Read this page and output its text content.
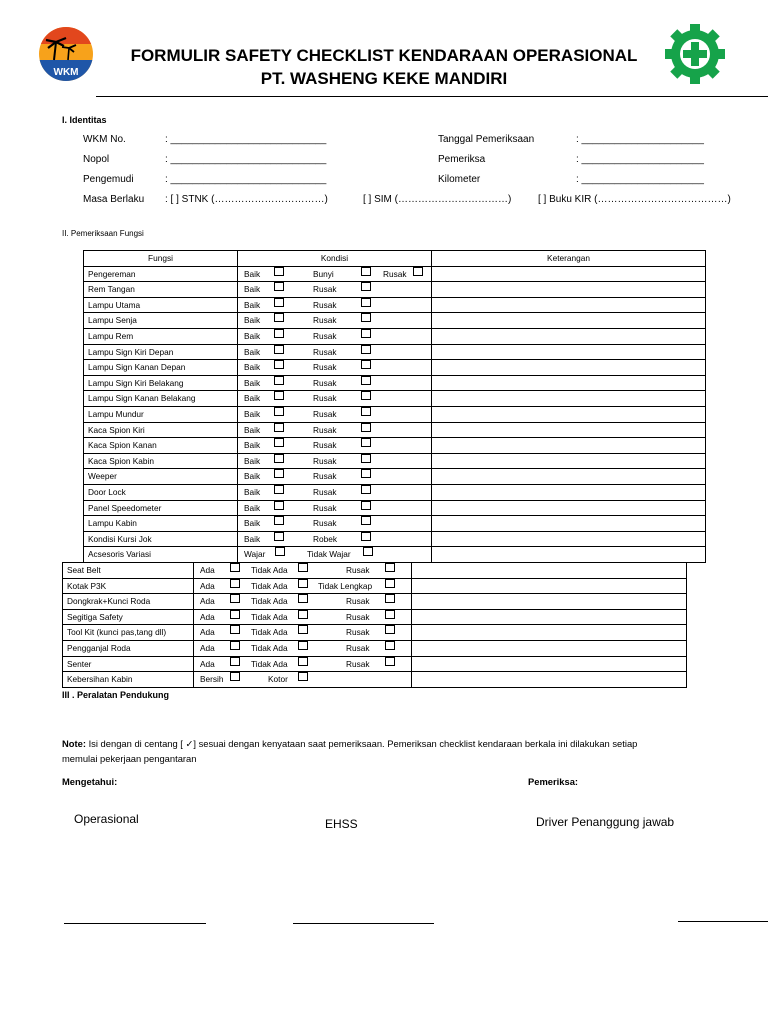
WKM
FORMULIR SAFETY CHECKLIST KENDARAAN OPERASIONAL
PT. WASHENG KEKE MANDIRI
I. Identitas
WKM No.	: ____________________________
Nopol	: ____________________________
Pengemudi	: ____________________________
Tanggal Pemeriksaan	: ______________________
Pemeriksa	: ______________________
Kilometer	: ______________________
Masa Berlaku : [ ] STNK (……………………………)	[ ] SIM (……………………………)	[ ] Buku KIR (…………………………………)
II. Pemeriksaan Fungsi
Fungsi	Kondisi	Keterangan
Pengereman	Baik Bunyi Rusak	

Rem Tangan	Baik Rusak	

Lampu Utama	Baik Rusak	

Lampu Senja	Baik Rusak	

Lampu Rem	Baik Rusak	

Lampu Sign Kiri Depan	Baik Rusak	

Lampu Sign Kanan Depan	Baik Rusak	

Lampu Sign Kiri Belakang	Baik Rusak	

Lampu Sign Kanan Belakang	Baik Rusak	

Lampu Mundur	Baik Rusak	

Kaca Spion Kiri	Baik Rusak	

Kaca Spion Kanan	Baik Rusak	

Kaca Spion Kabin	Baik Rusak	

Weeper	Baik Rusak	

Door Lock	Baik Rusak	

Panel Speedometer	Baik Rusak	

Lampu Kabin	Baik Rusak	

Kondisi Kursi Jok	Baik Robek	

Acsesoris Variasi	Wajar Tidak Wajar	

Seat Belt	Ada Tidak Ada Rusak	

Kotak P3K	Ada Tidak Ada Tidak Lengkap	

Dongkrak+Kunci Roda	Ada Tidak Ada Rusak	

Segitiga Safety	Ada Tidak Ada Rusak	

Tool Kit (kunci pas,tang dll)	Ada Tidak Ada Rusak	

Pengganjal Roda	Ada Tidak Ada Rusak	

Senter	Ada Tidak Ada Rusak	

Kebersihan Kabin	Bersih Kotor	

III . Peralatan Pendukung
Note: Isi dengan di centang [ ✓] sesuai dengan kenyataan saat pemeriksaan. Pemeriksan checklist kendaraan berkala ini dilakukan setiap
memulai pekerjaan pengantaran
Mengetahui:	Pemeriksa:
Operasional	EHSS	Driver Penanggung jawab
